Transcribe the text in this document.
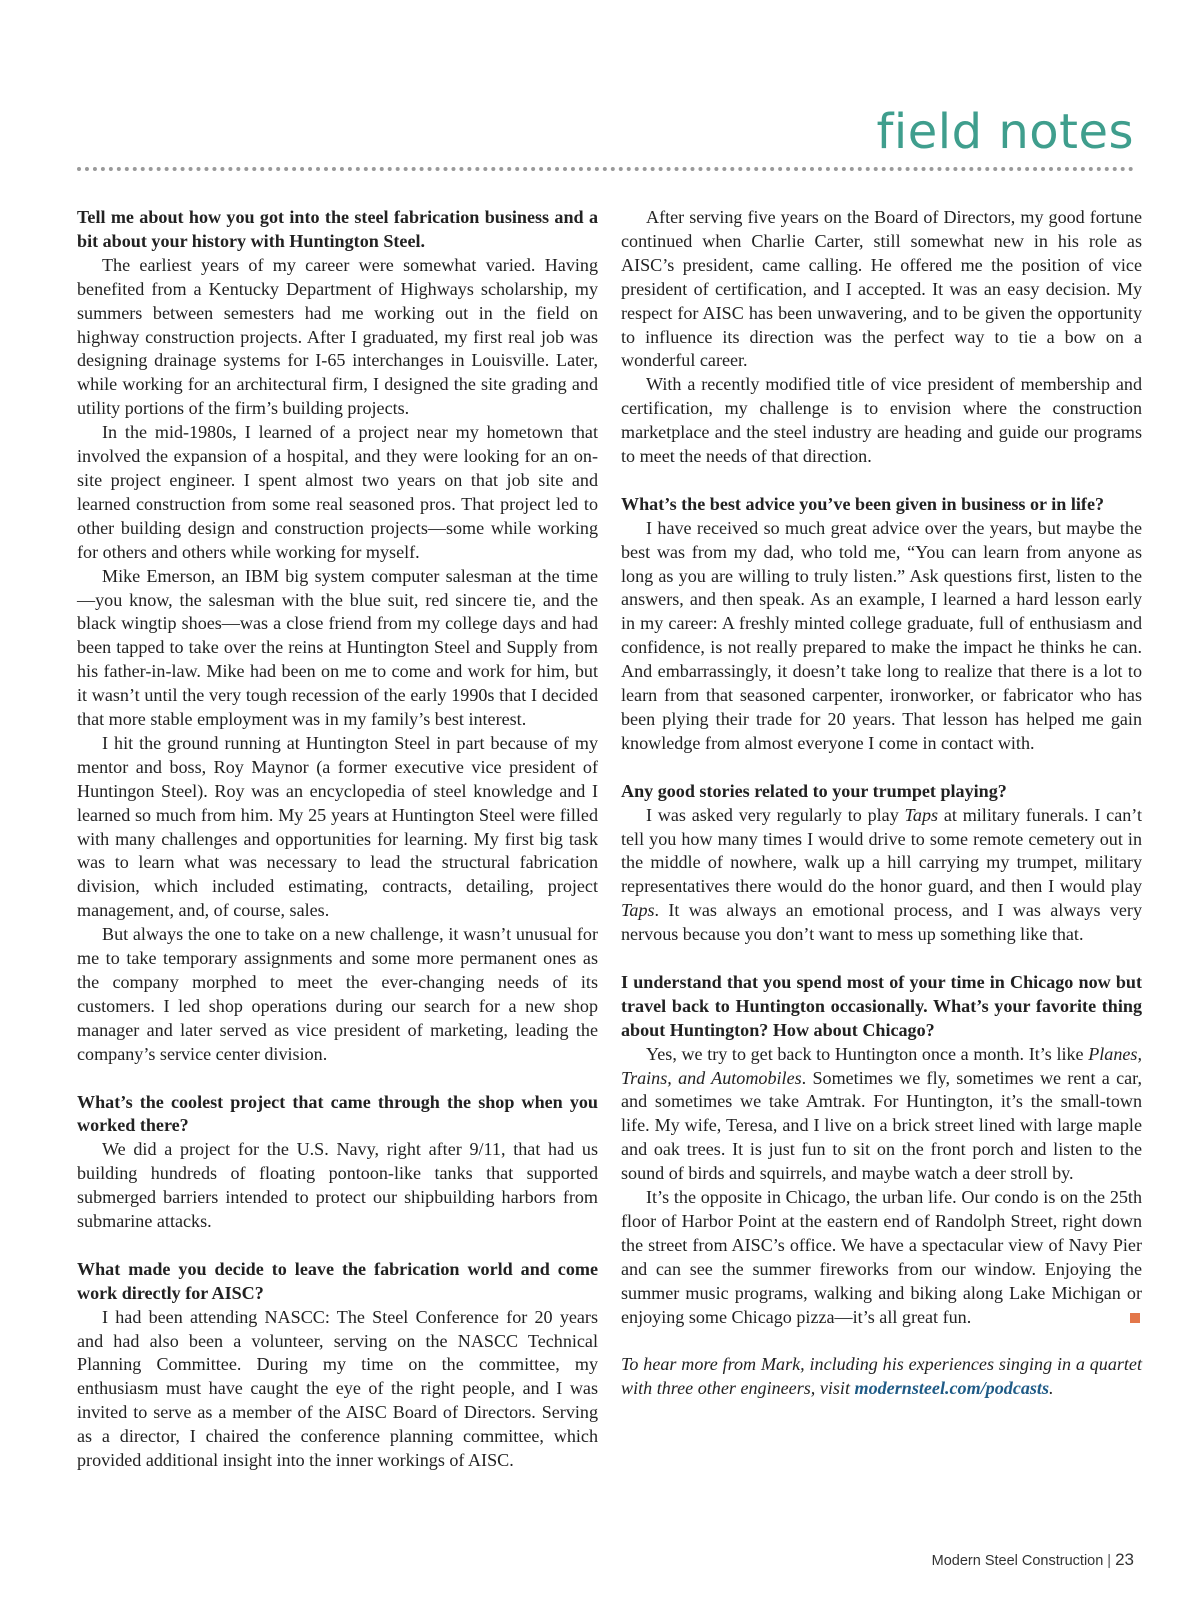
field notes
Tell me about how you got into the steel fabrication business and a bit about your history with Huntington Steel.

The earliest years of my career were somewhat varied. Having benefited from a Kentucky Department of Highways scholarship, my summers between semesters had me working out in the field on highway construction projects. After I graduated, my first real job was designing drainage systems for I-65 interchanges in Louisville. Later, while working for an architectural firm, I designed the site grading and utility portions of the firm’s building projects.

In the mid-1980s, I learned of a project near my hometown that involved the expansion of a hospital, and they were looking for an on-site project engineer. I spent almost two years on that job site and learned construction from some real seasoned pros. That project led to other building design and construction projects—some while working for others and others while working for myself.

Mike Emerson, an IBM big system computer salesman at the time—you know, the salesman with the blue suit, red sincere tie, and the black wingtip shoes—was a close friend from my college days and had been tapped to take over the reins at Huntington Steel and Supply from his father-in-law. Mike had been on me to come and work for him, but it wasn’t until the very tough recession of the early 1990s that I decided that more stable employment was in my family’s best interest.

I hit the ground running at Huntington Steel in part because of my mentor and boss, Roy Maynor (a former executive vice president of Huntingon Steel). Roy was an encyclopedia of steel knowledge and I learned so much from him. My 25 years at Huntington Steel were filled with many challenges and opportunities for learning. My first big task was to learn what was necessary to lead the structural fabrication division, which included estimating, contracts, detailing, project management, and, of course, sales.

But always the one to take on a new challenge, it wasn’t unusual for me to take temporary assignments and some more permanent ones as the company morphed to meet the ever-changing needs of its customers. I led shop operations during our search for a new shop manager and later served as vice president of marketing, leading the company’s service center division.

What’s the coolest project that came through the shop when you worked there?

We did a project for the U.S. Navy, right after 9/11, that had us building hundreds of floating pontoon-like tanks that supported submerged barriers intended to protect our shipbuilding harbors from submarine attacks.

What made you decide to leave the fabrication world and come work directly for AISC?

I had been attending NASCC: The Steel Conference for 20 years and had also been a volunteer, serving on the NASCC Technical Planning Committee. During my time on the committee, my enthusiasm must have caught the eye of the right people, and I was invited to serve as a member of the AISC Board of Directors. Serving as a director, I chaired the conference planning committee, which provided additional insight into the inner workings of AISC.

After serving five years on the Board of Directors, my good fortune continued when Charlie Carter, still somewhat new in his role as AISC’s president, came calling. He offered me the position of vice president of certification, and I accepted. It was an easy decision. My respect for AISC has been unwavering, and to be given the opportunity to influence its direction was the perfect way to tie a bow on a wonderful career.

With a recently modified title of vice president of membership and certification, my challenge is to envision where the construction marketplace and the steel industry are heading and guide our programs to meet the needs of that direction.

What’s the best advice you’ve been given in business or in life?

I have received so much great advice over the years, but maybe the best was from my dad, who told me, “You can learn from anyone as long as you are willing to truly listen.” Ask questions first, listen to the answers, and then speak. As an example, I learned a hard lesson early in my career: A freshly minted college graduate, full of enthusiasm and confidence, is not really prepared to make the impact he thinks he can. And embarrassingly, it doesn’t take long to realize that there is a lot to learn from that seasoned carpenter, ironworker, or fabricator who has been plying their trade for 20 years. That lesson has helped me gain knowledge from almost everyone I come in contact with.

Any good stories related to your trumpet playing?

I was asked very regularly to play Taps at military funerals. I can’t tell you how many times I would drive to some remote cemetery out in the middle of nowhere, walk up a hill carrying my trumpet, military representatives there would do the honor guard, and then I would play Taps. It was always an emotional process, and I was always very nervous because you don’t want to mess up something like that.

I understand that you spend most of your time in Chicago now but travel back to Huntington occasionally. What’s your favorite thing about Huntington? How about Chicago?

Yes, we try to get back to Huntington once a month. It’s like Planes, Trains, and Automobiles. Sometimes we fly, sometimes we rent a car, and sometimes we take Amtrak. For Huntington, it’s the small-town life. My wife, Teresa, and I live on a brick street lined with large maple and oak trees. It is just fun to sit on the front porch and listen to the sound of birds and squirrels, and maybe watch a deer stroll by.

It’s the opposite in Chicago, the urban life. Our condo is on the 25th floor of Harbor Point at the eastern end of Randolph Street, right down the street from AISC’s office. We have a spectacular view of Navy Pier and can see the summer fireworks from our window. Enjoying the summer music programs, walking and biking along Lake Michigan or enjoying some Chicago pizza—it’s all great fun.

To hear more from Mark, including his experiences singing in a quartet with three other engineers, visit modernsteel.com/podcasts.

Modern Steel Construction | 23
